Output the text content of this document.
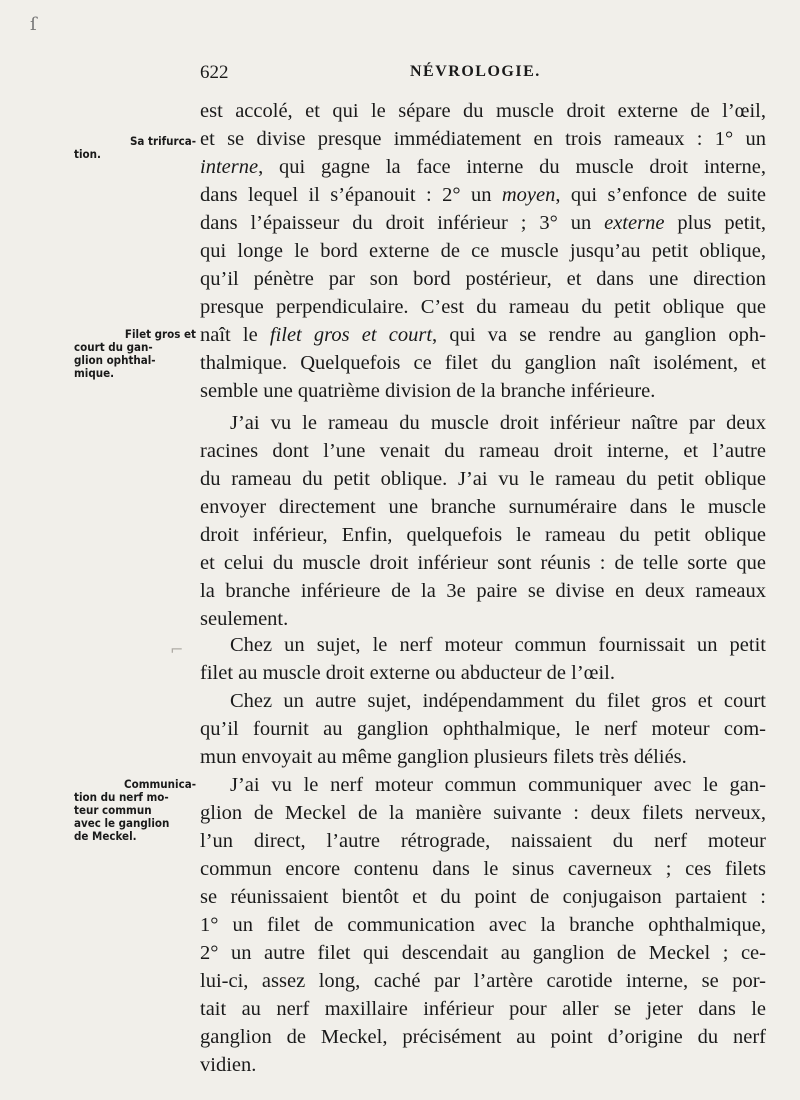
ſ
622	NÉVROLOGIE.
Sa trifurca-
tion.
Filet gros et
court du gan-
glion ophthal-
mique.
Communica-
tion du nerf mo-
teur commun
avec le ganglion
de Meckel.
est accolé, et qui le sépare du muscle droit externe de l’œil,
et se divise presque immédiatement en trois rameaux : 1° un
interne, qui gagne la face interne du muscle droit interne,
dans lequel il s’épanouit : 2° un moyen, qui s’enfonce de suite
dans l’épaisseur du droit inférieur ; 3° un externe plus petit,
qui longe le bord externe de ce muscle jusqu’au petit oblique,
qu’il pénètre par son bord postérieur, et dans une direction
presque perpendiculaire. C’est du rameau du petit oblique que
naît le filet gros et court, qui va se rendre au ganglion oph-
thalmique. Quelquefois ce filet du ganglion naît isolément, et
semble une quatrième division de la branche inférieure.
J’ai vu le rameau du muscle droit inférieur naître par deux
racines dont l’une venait du rameau droit interne, et l’autre
du rameau du petit oblique. J’ai vu le rameau du petit oblique
envoyer directement une branche surnuméraire dans le muscle
droit inférieur, Enfin, quelquefois le rameau du petit oblique
et celui du muscle droit inférieur sont réunis : de telle sorte que
la branche inférieure de la 3e paire se divise en deux rameaux
seulement.
Chez un sujet, le nerf moteur commun fournissait un petit
filet au muscle droit externe ou abducteur de l’œil.
Chez un autre sujet, indépendamment du filet gros et court
qu’il fournit au ganglion ophthalmique, le nerf moteur com-
mun envoyait au même ganglion plusieurs filets très déliés.
J’ai vu le nerf moteur commun communiquer avec le gan-
glion de Meckel de la manière suivante : deux filets nerveux,
l’un direct, l’autre rétrograde, naissaient du nerf moteur
commun encore contenu dans le sinus caverneux ; ces filets
se réunissaient bientôt et du point de conjugaison partaient :
1° un filet de communication avec la branche ophthalmique,
2° un autre filet qui descendait au ganglion de Meckel ; ce-
lui-ci, assez long, caché par l’artère carotide interne, se por-
tait au nerf maxillaire inférieur pour aller se jeter dans le
ganglion de Meckel, précisément au point d’origine du nerf
vidien.
⌐
